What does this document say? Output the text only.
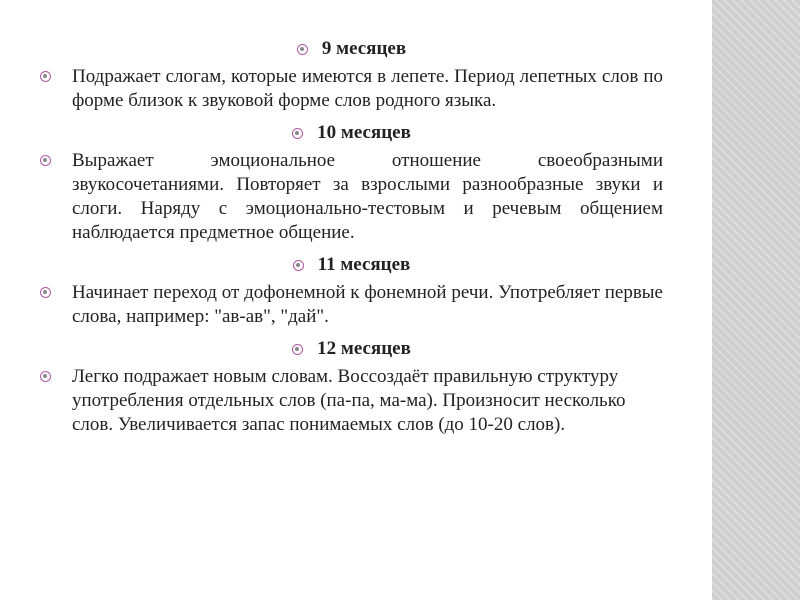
9 месяцев
Подражает слогам, которые имеются в лепете. Период лепетных слов по форме близок к звуковой форме слов родного языка.
10 месяцев
Выражает эмоциональное отношение своеобразными звукосочетаниями. Повторяет за взрослыми разнообразные звуки и слоги. Наряду с эмоционально-тестовым и речевым общением наблюдается предметное общение.
11 месяцев
Начинает переход от дофонемной к фонемной речи. Употребляет первые слова, например: "ав-ав", "дай".
12 месяцев
Легко подражает новым словам. Воссоздаёт правильную структуру употребления отдельных слов (па-па, ма-ма). Произносит несколько слов. Увеличивается запас понимаемых слов (до 10-20 слов).
